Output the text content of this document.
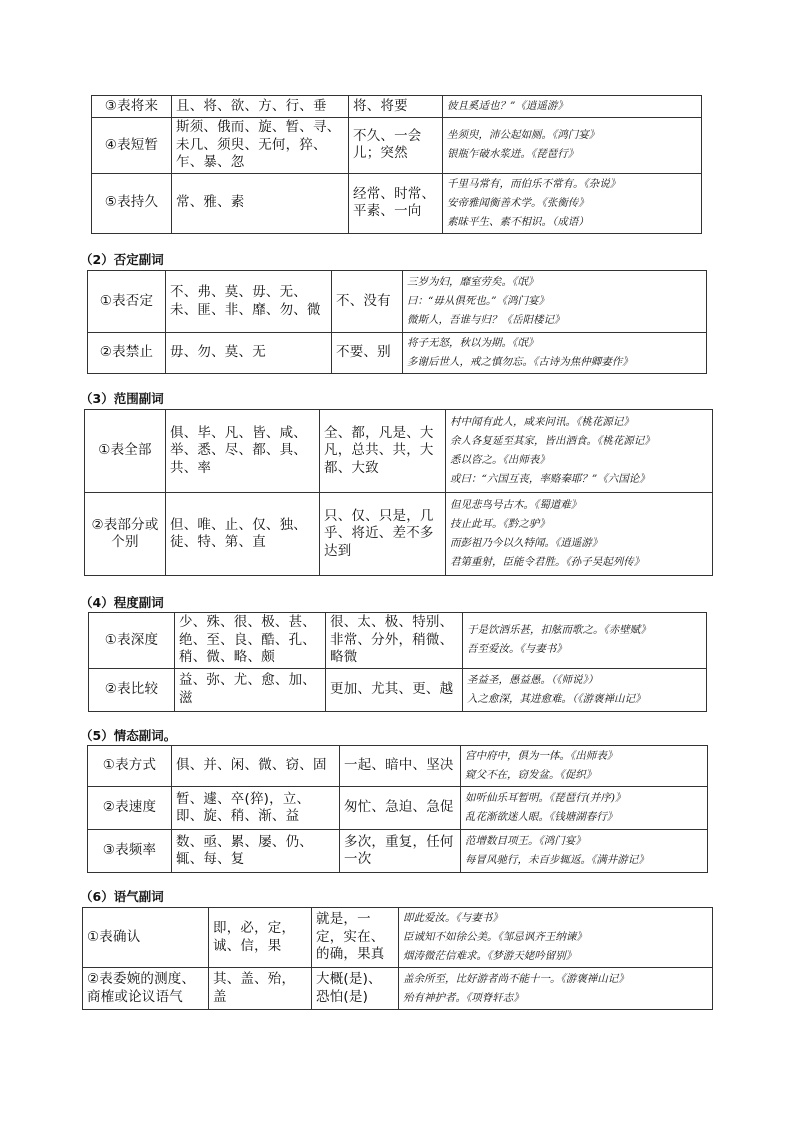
③表将来	且、将、欲、方、行、垂	将、将要	彼且奚适也？”《逍遥游》

④表短暂	斯须、俄而、旋、暂、寻、未几、须臾、无何，猝、乍、暴、忽	不久、一会儿；突然	坐须臾，沛公起如厕。《鸿门宴》
银瓶乍破水浆迸。《琵琶行》

⑤表持久	常、雅、素	经常、时常、平素、一向	千里马常有，而伯乐不常有。《杂说》
安帝雅闻衡善术学。《张衡传》
素昧平生、素不相识。（成语）
（2）否定副词
①表否定	不、弗、莫、毋、无、未、匪、非、靡、勿、微	不、没有	三岁为妇，靡室劳矣。《氓》
曰：“毋从俱死也。”《鸿门宴》
微斯人，吾谁与归？《岳阳楼记》

②表禁止	毋、勿、莫、无	不要、别	将子无怒，秋以为期。《氓》
多谢后世人，戒之慎勿忘。《古诗为焦仲卿妻作》
（3）范围副词
①表全部	俱、毕、凡、皆、咸、举、悉、尽、都、具、共、率	全、都，凡是、大凡，总共、共，大都、大致	村中闻有此人，咸来问讯。《桃花源记》
余人各复延至其家，皆出酒食。《桃花源记》
悉以咨之。《出师表》
或曰：“六国互丧，率赂秦耶？”《六国论》

②表部分或个别	但、唯、止、仅、独、徒、特、第、直	只、仅、只是，几乎、将近、差不多达到	但见悲鸟号古木。《蜀道难》
技止此耳。《黔之驴》
而彭祖乃今以久特闻。《逍遥游》
君第重射，臣能令君胜。《孙子吴起列传》
（4）程度副词
①表深度	少、殊、很、极、甚、绝、至、良、酷、孔、稍、微、略、颇	很、太、极、特别、非常、分外，稍微、略微	于是饮酒乐甚，扣舷而歌之。《赤壁赋》
吾至爱汝。《与妻书》

②表比较	益、弥、尤、愈、加、滋	更加、尤其、更、越	圣益圣，愚益愚。（《师说》）
入之愈深，其进愈难。（《游褒禅山记》
（5）情态副词。
①表方式	俱、并、闲、微、窃、固	一起、暗中、坚决	宫中府中，俱为一体。《出师表》
窥父不在，窃发盆。《促织》

②表速度	暂、遽、卒(猝)，立、即、旋、稍、渐、益	匆忙、急迫、急促	如听仙乐耳暂明。《琵琶行(并序)》
乱花渐欲迷人眼。《钱塘湖春行》

③表频率	数、亟、累、屡、仍、辄、每、复	多次，重复，任何一次	范增数目项王。《鸿门宴》
每冒风驰行，未百步辄返。《满井游记》
（6）语气副词
①表确认	即，必，定，诚、信，果	就是，一定，实在、的确，果真	即此爱汝。《与妻书》
臣诚知不如徐公美。《邹忌讽齐王纳谏》
烟涛微茫信难求。《梦游天姥吟留别》

②表委婉的测度、商榷或论议语气	其、盖、殆，盖	大概(是)、恐怕(是)	盖余所至，比好游者尚不能十一。《游褒禅山记》
殆有神护者。《项脊轩志》
